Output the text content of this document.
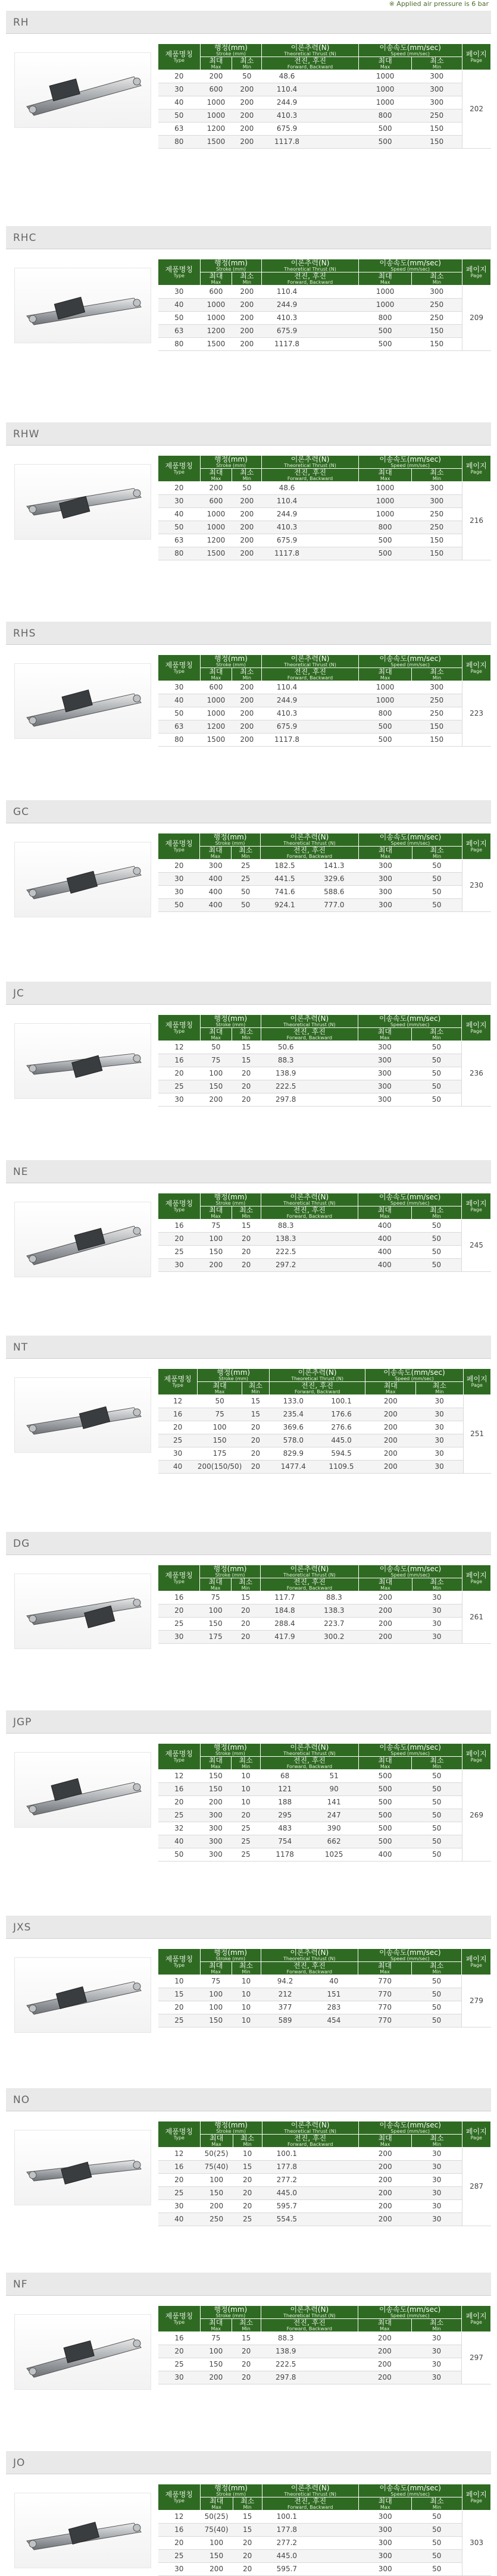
※ Applied air pressure is 6 bar
RH
제품명칭
Type	행정(mm)
Stroke (mm)		이론추력(N)
Theoretical Thrust (N)		이송속도(mm/sec)
Speed (mm/sec)		페이지
Page

	최대
Max	최소
Min	전진, 후진
Forward, Backward		최대
Max	최소
Min	

20	200	50	48.6		1000	300	202
30	600	200	110.4		1000	300	
40	1000	200	244.9		1000	300	
50	1000	200	410.3		800	250	
63	1200	200	675.9		500	150	
80	1500	200	1117.8		500	150	
RHC
제품명칭
Type	행정(mm)
Stroke (mm)		이론추력(N)
Theoretical Thrust (N)		이송속도(mm/sec)
Speed (mm/sec)		페이지
Page

	최대
Max	최소
Min	전진, 후진
Forward, Backward		최대
Max	최소
Min	

30	600	200	110.4		1000	300	209
40	1000	200	244.9		1000	250	
50	1000	200	410.3		800	250	
63	1200	200	675.9		500	150	
80	1500	200	1117.8		500	150	
RHW
제품명칭
Type	행정(mm)
Stroke (mm)		이론추력(N)
Theoretical Thrust (N)		이송속도(mm/sec)
Speed (mm/sec)		페이지
Page

	최대
Max	최소
Min	전진, 후진
Forward, Backward		최대
Max	최소
Min	

20	200	50	48.6		1000	300	216
30	600	200	110.4		1000	300	
40	1000	200	244.9		1000	250	
50	1000	200	410.3		800	250	
63	1200	200	675.9		500	150	
80	1500	200	1117.8		500	150	
RHS
제품명칭
Type	행정(mm)
Stroke (mm)		이론추력(N)
Theoretical Thrust (N)		이송속도(mm/sec)
Speed (mm/sec)		페이지
Page

	최대
Max	최소
Min	전진, 후진
Forward, Backward		최대
Max	최소
Min	

30	600	200	110.4		1000	300	223
40	1000	200	244.9		1000	250	
50	1000	200	410.3		800	250	
63	1200	200	675.9		500	150	
80	1500	200	1117.8		500	150	
GC
제품명칭
Type	행정(mm)
Stroke (mm)		이론추력(N)
Theoretical Thrust (N)		이송속도(mm/sec)
Speed (mm/sec)		페이지
Page

	최대
Max	최소
Min	전진, 후진
Forward, Backward		최대
Max	최소
Min	

20	300	25	182.5	141.3	300	50	230
30	400	25	441.5	329.6	300	50	
30	400	50	741.6	588.6	300	50	
50	400	50	924.1	777.0	300	50	
JC
제품명칭
Type	행정(mm)
Stroke (mm)		이론추력(N)
Theoretical Thrust (N)		이송속도(mm/sec)
Speed (mm/sec)		페이지
Page

	최대
Max	최소
Min	전진, 후진
Forward, Backward		최대
Max	최소
Min	

12	50	15	50.6		300	50	236
16	75	15	88.3		300	50	
20	100	20	138.9		300	50	
25	150	20	222.5		300	50	
30	200	20	297.8		300	50	
NE
제품명칭
Type	행정(mm)
Stroke (mm)		이론추력(N)
Theoretical Thrust (N)		이송속도(mm/sec)
Speed (mm/sec)		페이지
Page

	최대
Max	최소
Min	전진, 후진
Forward, Backward		최대
Max	최소
Min	

16	75	15	88.3		400	50	245
20	100	20	138.3		400	50	
25	150	20	222.5		400	50	
30	200	20	297.2		400	50	
NT
제품명칭
Type	행정(mm)
Stroke (mm)		이론추력(N)
Theoretical Thrust (N)		이송속도(mm/sec)
Speed (mm/sec)		페이지
Page

	최대
Max	최소
Min	전진, 후진
Forward, Backward		최대
Max	최소
Min	

12	50	15	133.0	100.1	200	30	251
16	75	15	235.4	176.6	200	30	
20	100	20	369.6	276.6	200	30	
25	150	20	578.0	445.0	200	30	
30	175	20	829.9	594.5	200	30	
40	200(150/50)	20	1477.4	1109.5	200	30	
DG
제품명칭
Type	행정(mm)
Stroke (mm)		이론추력(N)
Theoretical Thrust (N)		이송속도(mm/sec)
Speed (mm/sec)		페이지
Page

	최대
Max	최소
Min	전진, 후진
Forward, Backward		최대
Max	최소
Min	

16	75	15	117.7	88.3	200	30	261
20	100	20	184.8	138.3	200	30	
25	150	20	288.4	223.7	200	30	
30	175	20	417.9	300.2	200	30	
JGP
제품명칭
Type	행정(mm)
Stroke (mm)		이론추력(N)
Theoretical Thrust (N)		이송속도(mm/sec)
Speed (mm/sec)		페이지
Page

	최대
Max	최소
Min	전진, 후진
Forward, Backward		최대
Max	최소
Min	

12	150	10	68	51	500	50	269
16	150	10	121	90	500	50	
20	200	10	188	141	500	50	
25	300	20	295	247	500	50	
32	300	25	483	390	500	50	
40	300	25	754	662	500	50	
50	300	25	1178	1025	400	50	
JXS
제품명칭
Type	행정(mm)
Stroke (mm)		이론추력(N)
Theoretical Thrust (N)		이송속도(mm/sec)
Speed (mm/sec)		페이지
Page

	최대
Max	최소
Min	전진, 후진
Forward, Backward		최대
Max	최소
Min	

10	75	10	94.2	40	770	50	279
15	100	10	212	151	770	50	
20	100	10	377	283	770	50	
25	150	10	589	454	770	50	
NO
제품명칭
Type	행정(mm)
Stroke (mm)		이론추력(N)
Theoretical Thrust (N)		이송속도(mm/sec)
Speed (mm/sec)		페이지
Page

	최대
Max	최소
Min	전진, 후진
Forward, Backward		최대
Max	최소
Min	

12	50(25)	10	100.1		200	30	287
16	75(40)	15	177.8		200	30	
20	100	20	277.2		200	30	
25	150	20	445.0		200	30	
30	200	20	595.7		200	30	
40	250	25	554.5		200	30	
NF
제품명칭
Type	행정(mm)
Stroke (mm)		이론추력(N)
Theoretical Thrust (N)		이송속도(mm/sec)
Speed (mm/sec)		페이지
Page

	최대
Max	최소
Min	전진, 후진
Forward, Backward		최대
Max	최소
Min	

16	75	15	88.3		200	30	297
20	100	20	138.9		200	30	
25	150	20	222.5		200	30	
30	200	20	297.8		200	30	
JO
제품명칭
Type	행정(mm)
Stroke (mm)		이론추력(N)
Theoretical Thrust (N)		이송속도(mm/sec)
Speed (mm/sec)		페이지
Page

	최대
Max	최소
Min	전진, 후진
Forward, Backward		최대
Max	최소
Min	

12	50(25)	15	100.1		300	50	303
16	75(40)	15	177.8		300	50	
20	100	20	277.2		300	50	
25	150	20	445.0		300	50	
30	200	20	595.7		300	50	
